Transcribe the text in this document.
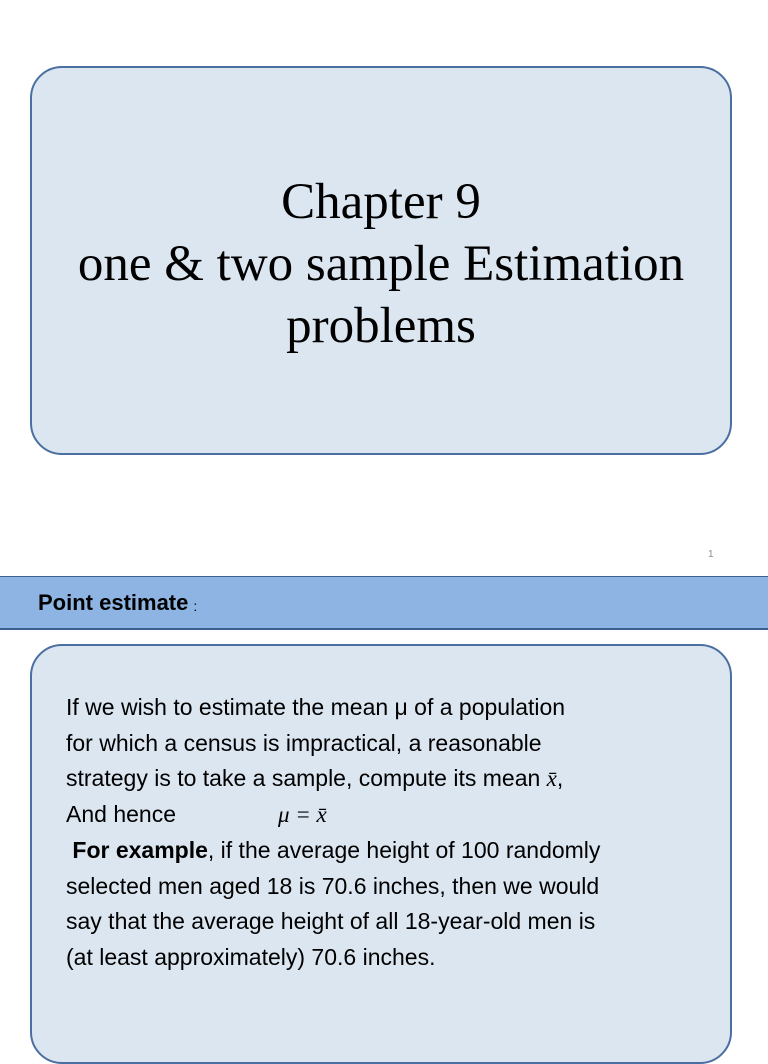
Chapter 9
one & two sample Estimation
problems
1
Point estimate :
If we wish to estimate the mean μ of a population
for which a census is impractical, a reasonable
strategy is to take a sample, compute its mean x̄,
And hence	μ = x̄
For example, if the average height of 100 randomly
selected men aged 18 is 70.6 inches, then we would
say that the average height of all 18-year-old men is
(at least approximately) 70.6 inches.
